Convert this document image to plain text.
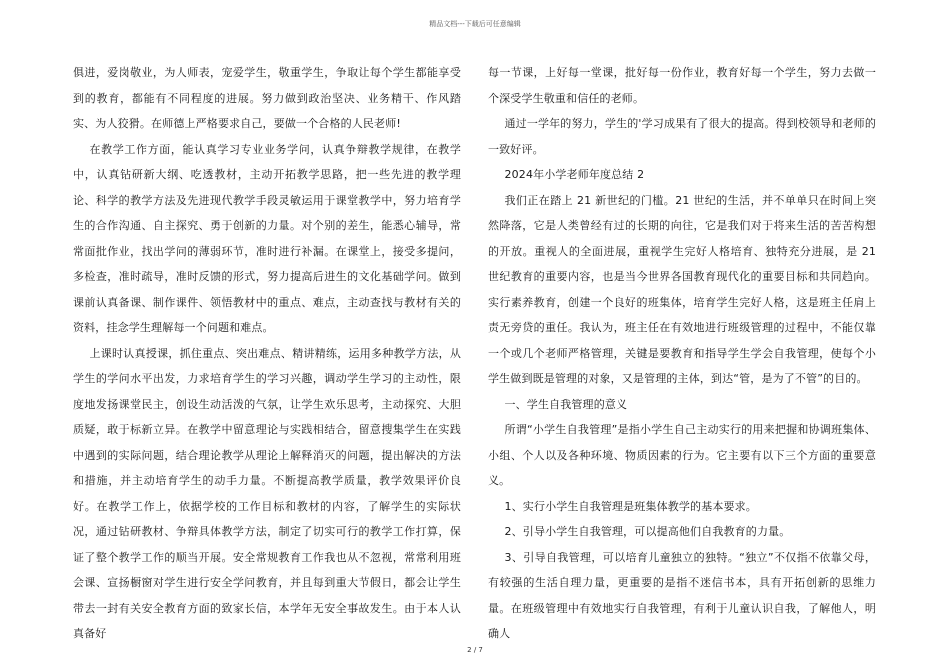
精品文档---下载后可任意编辑

俱进，爱岗敬业，为人师表，宠爱学生，敬重学生，争取让每个学生都能享受到的教育，都能有不同程度的进展。努力做到政治坚决、业务精干、作风踏实、为人狡猾。在师德上严格要求自己，要做一个合格的人民老师!

在教学工作方面，能认真学习专业业务学问，认真争辩教学规律，在教学中，认真钻研新大纲、吃透教材，主动开拓教学思路，把一些先进的教学理论、科学的教学方法及先进现代教学手段灵敏运用于课堂教学中，努力培育学生的合作沟通、自主探究、勇于创新的力量。对个别的差生，能悉心辅导，常常面批作业，找出学问的薄弱环节，准时进行补漏。在课堂上，接受多提问，多检查，准时疏导，准时反馈的形式，努力提高后进生的文化基础学问。做到课前认真备课、制作课件、领悟教材中的重点、难点，主动查找与教材有关的资料，挂念学生理解每一个问题和难点。

上课时认真授课，抓住重点、突出难点、精讲精练，运用多种教学方法，从学生的学问水平出发，力求培育学生的学习兴趣，调动学生学习的主动性，限度地发扬课堂民主，创设生动活泼的气氛，让学生欢乐思考，主动探究、大胆质疑，敢于标新立异。在教学中留意理论与实践相结合，留意搜集学生在实践中遇到的实际问题，结合理论教学从理论上解释消灭的问题，提出解决的方法和措施，并主动培育学生的动手力量。不断提高教学质量，教学效果评价良好。在教学工作上，依据学校的工作目标和教材的内容，了解学生的实际状况，通过钻研教材、争辩具体教学方法，制定了切实可行的教学工作打算，保证了整个教学工作的顺当开展。安全常规教育工作我也从不忽视，常常利用班会课、宣扬橱窗对学生进行安全学问教育，并且每到重大节假日，都会让学生带去一封有关安全教育方面的致家长信，本学年无安全事故发生。由于本人认真备好

每一节课，上好每一堂课，批好每一份作业，教育好每一个学生，努力去做一个深受学生敬重和信任的老师。

通过一学年的努力，学生的'学习成果有了很大的提高。得到校领导和老师的一致好评。

2024年小学老师年度总结 2

我们正在踏上 21 新世纪的门槛。21 世纪的生活，并不单单只在时间上突然降落，它是人类曾经有过的长期的向往，它是我们对于将来生活的苦苦构想的开放。重视人的全面进展，重视学生完好人格培育、独特充分进展，是 21 世纪教育的重要内容，也是当今世界各国教育现代化的重要目标和共同趋向。实行素养教育，创建一个良好的班集体，培育学生完好人格，这是班主任肩上责无旁贷的重任。我认为，班主任在有效地进行班级管理的过程中，不能仅靠一个或几个老师严格管理，关键是要教育和指导学生学会自我管理，使每个小学生做到既是管理的对象，又是管理的主体，到达“管，是为了不管”的目的。

一、学生自我管理的意义

所谓“小学生自我管理”是指小学生自己主动实行的用来把握和协调班集体、小组、个人以及各种环境、物质因素的行为。它主要有以下三个方面的重要意义。

1、实行小学生自我管理是班集体教学的基本要求。

2、引导小学生自我管理，可以提高他们自我教育的力量。

3、引导自我管理，可以培育儿童独立的独特。“独立”不仅指不依靠父母，有较强的生活自理力量，更重要的是指不迷信书本，具有开拓创新的思维力量。在班级管理中有效地实行自我管理，有利于儿童认识自我，了解他人，明确人

2 / 7
